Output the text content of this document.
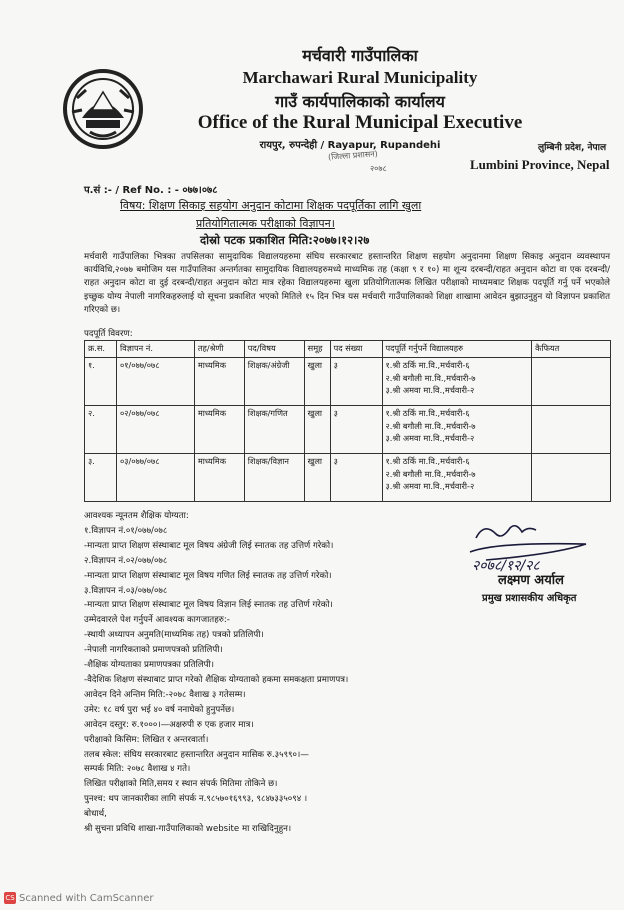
मर्चवारी गाउँपालिका
Marchawari Rural Municipality
गाउँ कार्यपालिकाको कार्यालय
Office of the Rural Municipal Executive
रायपुर, रुपन्देही / Rayapur, Rupandehi
(जिल्ला प्रशासन)
२०७८
लुम्बिनी प्रदेश, नेपाल
Lumbini Province, Nepal
प.सं :- / Ref No. : - ०७७।०७८
विषय: शिक्षण सिकाइ सहयोग अनुदान कोटामा शिक्षक पदपूर्तिका लागि खुला
प्रतियोगितात्मक परीक्षाको विज्ञापन।
दोस्रो पटक प्रकाशित मिति:२०७७।१२।२७
मर्चवारी गाउँपालिका भित्रका तपसिलका सामुदायिक विद्यालयहरुमा संघिय सरकारबाट हस्तान्तरित शिक्षण सहयोग अनुदानमा शिक्षण सिकाइ अनुदान व्यवस्थापन कार्यविधि,२०७७ बमोजिम यस गाउँपालिका अन्तर्गतका सामुदायिक विद्यालयहरुमध्ये माध्यमिक तह (कक्षा ९ र १०) मा शून्य दरबन्दी/राहत अनुदान कोटा वा एक दरबन्दी/राहत अनुदान कोटा वा दुई दरबन्दी/राहत अनुदान कोटा मात्र रहेका विद्यालयहरुमा खुला प्रतियोगितात्मक लिखित परीक्षाको माध्यमबाट शिक्षक पदपूर्ति गर्नु पर्ने भएकोले इच्छुक योग्य नेपाली नागरिकहरुलाई यो सूचना प्रकाशित भएको मितिले १५ दिन भित्र यस मर्चवारी गाउँपालिकाको शिक्षा शाखामा आवेदन बुझाउनुहुन यो विज्ञापन प्रकाशित गरिएको छ।
पदपूर्ति विवरण:
क्र.स.	विज्ञापन नं.	तह/श्रेणी	पद/विषय	समूह	पद संख्या	पदपूर्ति गर्नुपर्ने विद्यालयहरु	कैफियत
१.	०१/०७७/०७८	माध्यमिक	शिक्षक/अंग्रेजी	खुला	३	१.श्री ठर्कि मा.वि.,मर्चवारी-६
२.श्री बगौली मा.वि.,मर्चवारी-७
३.श्री अमवा मा.वि.,मर्चवारी-२	

२.	०२/०७७/०७८	माध्यमिक	शिक्षक/गणित	खुला	३	१.श्री ठर्कि मा.वि.,मर्चवारी-६
२.श्री बगौली मा.वि.,मर्चवारी-७
३.श्री अमवा मा.वि.,मर्चवारी-२	

३.	०३/०७७/०७८	माध्यमिक	शिक्षक/विज्ञान	खुला	३	१.श्री ठर्कि मा.वि.,मर्चवारी-६
२.श्री बगौली मा.वि.,मर्चवारी-७
३.श्री अमवा मा.वि.,मर्चवारी-२	

आवश्यक न्यूनतम शैक्षिक योग्यता:
१.विज्ञापन नं.०१/०७७/०७८
-मान्यता प्राप्त शिक्षण संस्थाबाट मूल विषय अंग्रेजी लिई स्नातक तह उत्तिर्ण गरेको।
२.विज्ञापन नं.०२/०७७/०७८
-मान्यता प्राप्त शिक्षण संस्थाबाट मूल विषय गणित लिई स्नातक तह उत्तिर्ण गरेको।
३.विज्ञापन नं.०३/०७७/०७८
-मान्यता प्राप्त शिक्षण संस्थाबाट मूल विषय विज्ञान लिई स्नातक तह उत्तिर्ण गरेको।
उम्मेदवारले पेश गर्नुपर्ने आवश्यक कागजातहरु:-
-स्थायी अध्यापन अनुमति(माध्यमिक तह) पत्रको प्रतिलिपी।
-नेपाली नागरिकताको प्रमाणपत्रको प्रतिलिपी।
-शैक्षिक योग्यताका प्रमाणपत्रका प्रतिलिपी।
-वैदेशिक शिक्षण संस्थाबाट प्राप्त गरेको शैक्षिक योग्यताको हकमा समकक्षता प्रमाणपत्र।
आवेदन दिने अन्तिम मिति:-२०७८ वैशाख ३ गतेसम्म।
उमेर: १८ वर्ष पुरा भई ४० वर्ष ननाघेको हुनुपर्नेछ।
आवेदन दस्तुर: रु.१०००।—अक्षरुपी रु एक हजार मात्र।
परीक्षाको किसिम: लिखित र अन्तरवार्ता।
तलब स्केल: संघिय सरकारबाट हस्तान्तरित अनुदान मासिक रु.३५९९०।—
सम्पर्क मिति: २०७८ वैशाख ४ गते।
लिखित परीक्षाको मिति,समय र स्थान संपर्क मितिमा तोकिने छ।
पुनश्च: थप जानकारीका लागि संपर्क न.९८५७०१६९९३, ९८४७३३५०९४ ।
बोधार्थ,
श्री सुचना प्रविधि शाखा-गाउँपालिकाको website मा राखिदिनुहुन।
२०७८/१२/२८
लक्ष्मण अर्याल
प्रमुख प्रशासकीय अधिकृत
CS Scanned with CamScanner
